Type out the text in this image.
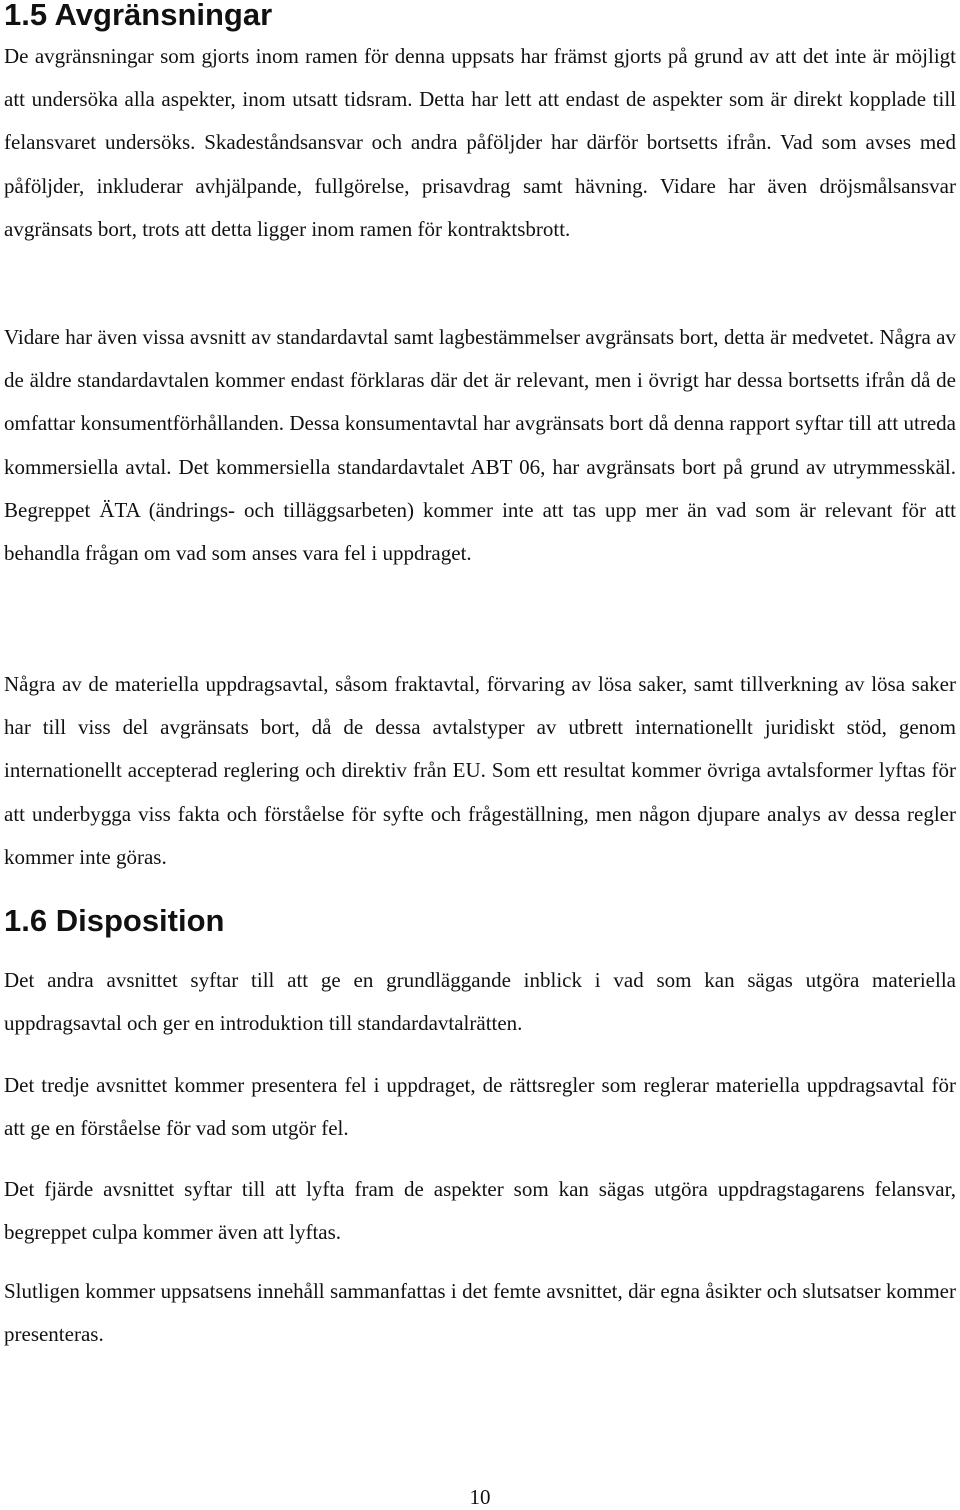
1.5 Avgränsningar

De avgränsningar som gjorts inom ramen för denna uppsats har främst gjorts på grund av att det inte är möjligt att undersöka alla aspekter, inom utsatt tidsram. Detta har lett att endast de aspekter som är direkt kopplade till felansvaret undersöks. Skadeståndsansvar och andra påföljder har därför bortsetts ifrån. Vad som avses med påföljder, inkluderar avhjälpande, fullgörelse, prisavdrag samt hävning. Vidare har även dröjsmålsansvar avgränsats bort, trots att detta ligger inom ramen för kontraktsbrott.

Vidare har även vissa avsnitt av standardavtal samt lagbestämmelser avgränsats bort, detta är medvetet. Några av de äldre standardavtalen kommer endast förklaras där det är relevant, men i övrigt har dessa bortsetts ifrån då de omfattar konsumentförhållanden. Dessa konsumentavtal har avgränsats bort då denna rapport syftar till att utreda kommersiella avtal. Det kommersiella standardavtalet ABT 06, har avgränsats bort på grund av utrymmesskäl. Begreppet ÄTA (ändrings- och tilläggsarbeten) kommer inte att tas upp mer än vad som är relevant för att behandla frågan om vad som anses vara fel i uppdraget.

Några av de materiella uppdragsavtal, såsom fraktavtal, förvaring av lösa saker, samt tillverkning av lösa saker har till viss del avgränsats bort, då de dessa avtalstyper av utbrett internationellt juridiskt stöd, genom internationellt accepterad reglering och direktiv från EU. Som ett resultat kommer övriga avtalsformer lyftas för att underbygga viss fakta och förståelse för syfte och frågeställning, men någon djupare analys av dessa regler kommer inte göras.

1.6 Disposition

Det andra avsnittet syftar till att ge en grundläggande inblick i vad som kan sägas utgöra materiella uppdragsavtal och ger en introduktion till standardavtalrätten.

Det tredje avsnittet kommer presentera fel i uppdraget, de rättsregler som reglerar materiella uppdragsavtal för att ge en förståelse för vad som utgör fel.

Det fjärde avsnittet syftar till att lyfta fram de aspekter som kan sägas utgöra uppdragstagarens felansvar, begreppet culpa kommer även att lyftas.

Slutligen kommer uppsatsens innehåll sammanfattas i det femte avsnittet, där egna åsikter och slutsatser kommer presenteras.

10
